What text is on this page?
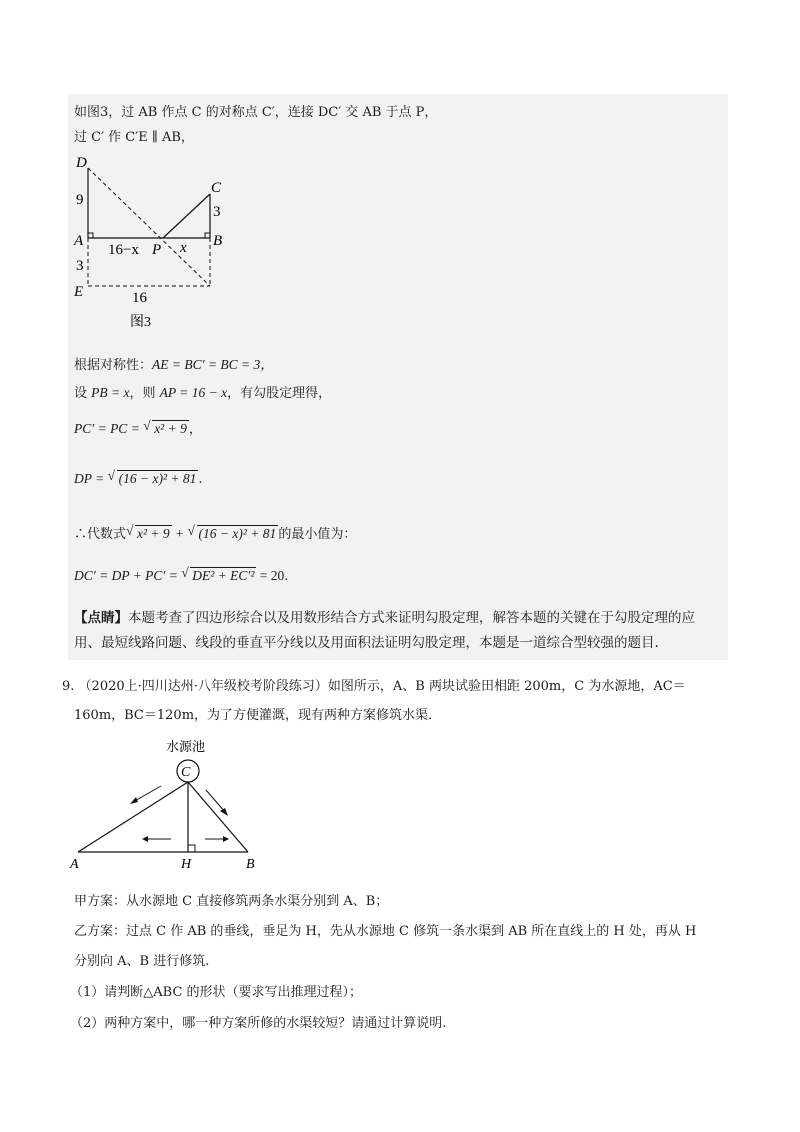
如图3，过 AB 作点 C 的对称点 C′，连接 DC′ 交 AB 于点 P，
过 C′ 作 C′E ∥ AB，
D
C
A	B
P
E
9
3
3
16−x	x
16
图3
根据对称性：AE = BC′ = BC = 3，
设 PB = x，则 AP = 16 − x，有勾股定理得，
PC′ = PC = √ x² + 9 ，
DP = √ (16 − x)² + 81 .
∴代数式 √ x² + 9 + √ (16 − x)² + 81 的最小值为：
DC′ = DP + PC′ = √ DE² + EC′² = 20.
【点睛】本题考查了四边形综合以及用数形结合方式来证明勾股定理，解答本题的关键在于勾股定理的应
用、最短线路问题、线段的垂直平分线以及用面积法证明勾股定理，本题是一道综合型较强的题目.
9. （2020上·四川达州·八年级校考阶段练习）如图所示，A、B 两块试验田相距 200m，C 为水源地，AC＝
160m，BC＝120m，为了方便灌溉，现有两种方案修筑水渠.
水源池
C
A	H	B
甲方案：从水源地 C 直接修筑两条水渠分别到 A、B；
乙方案：过点 C 作 AB 的垂线，垂足为 H，先从水源地 C 修筑一条水渠到 AB 所在直线上的 H 处，再从 H
分别向 A、B 进行修筑.
（1）请判断△ABC 的形状（要求写出推理过程）；
（2）两种方案中，哪一种方案所修的水渠较短？请通过计算说明.
